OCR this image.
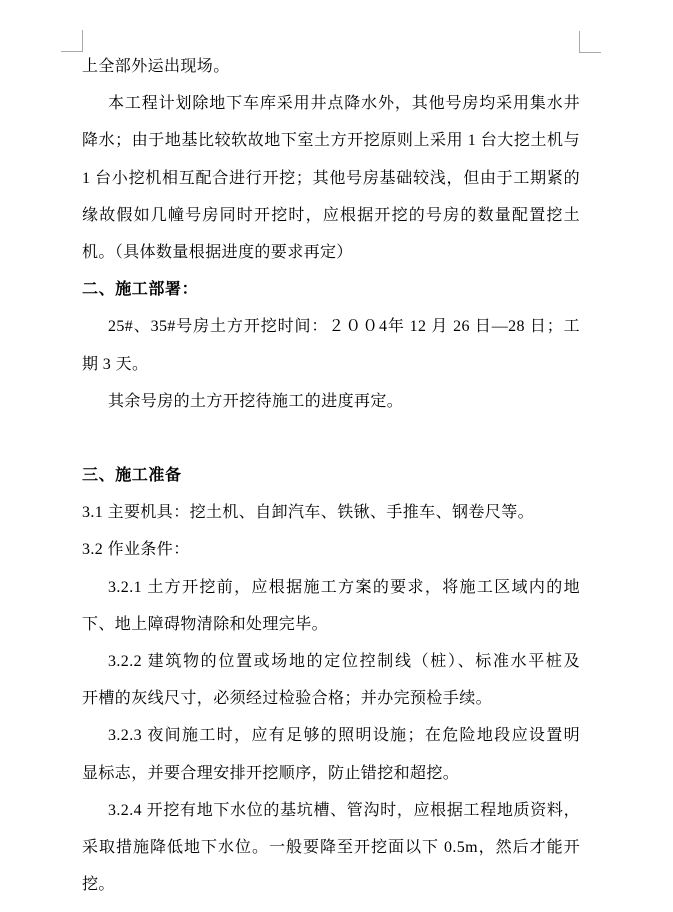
上全部外运出现场。
本工程计划除地下车库采用井点降水外，其他号房均采用集水井
降水；由于地基比较软故地下室土方开挖原则上采用 1 台大挖土机与
1 台小挖机相互配合进行开挖；其他号房基础较浅，但由于工期紧的
缘故假如几幢号房同时开挖时，应根据开挖的号房的数量配置挖土
机。（具体数量根据进度的要求再定）
二、施工部署：
25#、35#号房土方开挖时间：２００4年 12 月 26 日—28 日；工
期 3 天。
其余号房的土方开挖待施工的进度再定。
三、施工准备
3.1 主要机具：挖土机、自卸汽车、铁锹、手推车、钢卷尺等。
3.2 作业条件：
3.2.1 土方开挖前，应根据施工方案的要求，将施工区域内的地
下、地上障碍物清除和处理完毕。
3.2.2 建筑物的位置或场地的定位控制线（桩）、标准水平桩及
开槽的灰线尺寸，必须经过检验合格；并办完预检手续。
3.2.3 夜间施工时，应有足够的照明设施；在危险地段应设置明
显标志，并要合理安排开挖顺序，防止错挖和超挖。
3.2.4 开挖有地下水位的基坑槽、管沟时，应根据工程地质资料，
采取措施降低地下水位。一般要降至开挖面以下 0.5m，然后才能开
挖。
